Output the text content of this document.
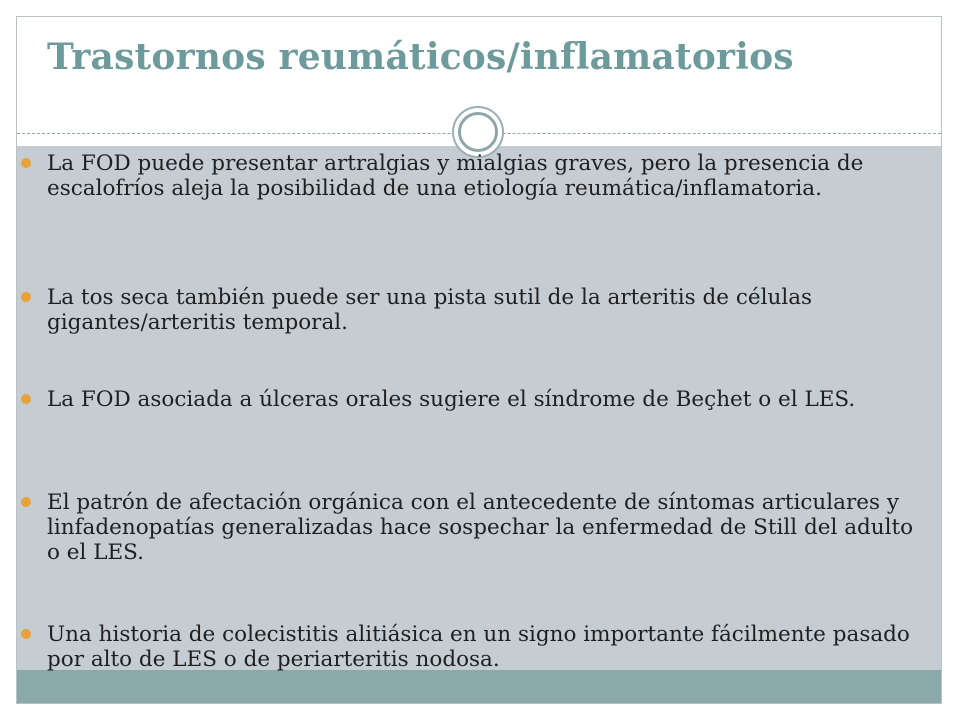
Trastornos reumáticos/inflamatorios
La FOD puede presentar artralgias y mialgias graves, pero la presencia de escalofríos aleja la posibilidad de una etiología reumática/inflamatoria.
La tos seca también puede ser una pista sutil de la arteritis de células gigantes/arteritis temporal.
La FOD asociada a úlceras orales sugiere el síndrome de Beçhet o el LES.
El patrón de afectación orgánica con el antecedente de síntomas articulares y linfadenopatías generalizadas hace sospechar la enfermedad de Still del adulto o el LES.
Una historia de colecistitis alitiásica en un signo importante fácilmente pasado por alto de LES o de periarteritis nodosa.
